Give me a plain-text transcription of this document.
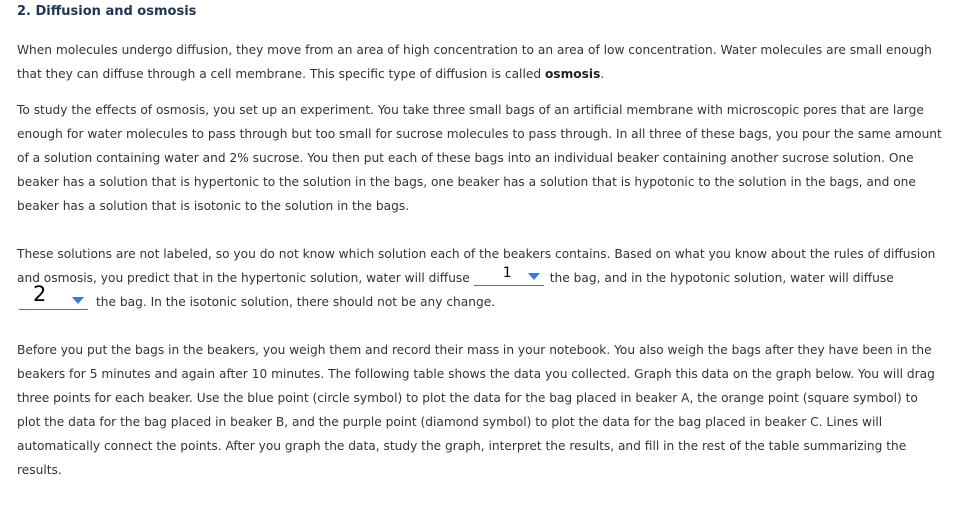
2. Diffusion and osmosis

When molecules undergo diffusion, they move from an area of high concentration to an area of low concentration. Water molecules are small enough that they can diffuse through a cell membrane. This specific type of diffusion is called osmosis.

To study the effects of osmosis, you set up an experiment. You take three small bags of an artificial membrane with microscopic pores that are large enough for water molecules to pass through but too small for sucrose molecules to pass through. In all three of these bags, you pour the same amount of a solution containing water and 2% sucrose. You then put each of these bags into an individual beaker containing another sucrose solution. One beaker has a solution that is hypertonic to the solution in the bags, one beaker has a solution that is hypotonic to the solution in the bags, and one beaker has a solution that is isotonic to the solution in the bags.

These solutions are not labeled, so you do not know which solution each of the beakers contains. Based on what you know about the rules of diffusion and osmosis, you predict that in the hypertonic solution, water will diffuse 1	the bag, and in the hypotonic solution, water will diffuse

2	the bag. In the isotonic solution, there should not be any change.

Before you put the bags in the beakers, you weigh them and record their mass in your notebook. You also weigh the bags after they have been in the beakers for 5 minutes and again after 10 minutes. The following table shows the data you collected. Graph this data on the graph below. You will drag three points for each beaker. Use the blue point (circle symbol) to plot the data for the bag placed in beaker A, the orange point (square symbol) to plot the data for the bag placed in beaker B, and the purple point (diamond symbol) to plot the data for the bag placed in beaker C. Lines will automatically connect the points. After you graph the data, study the graph, interpret the results, and fill in the rest of the table summarizing the results.
